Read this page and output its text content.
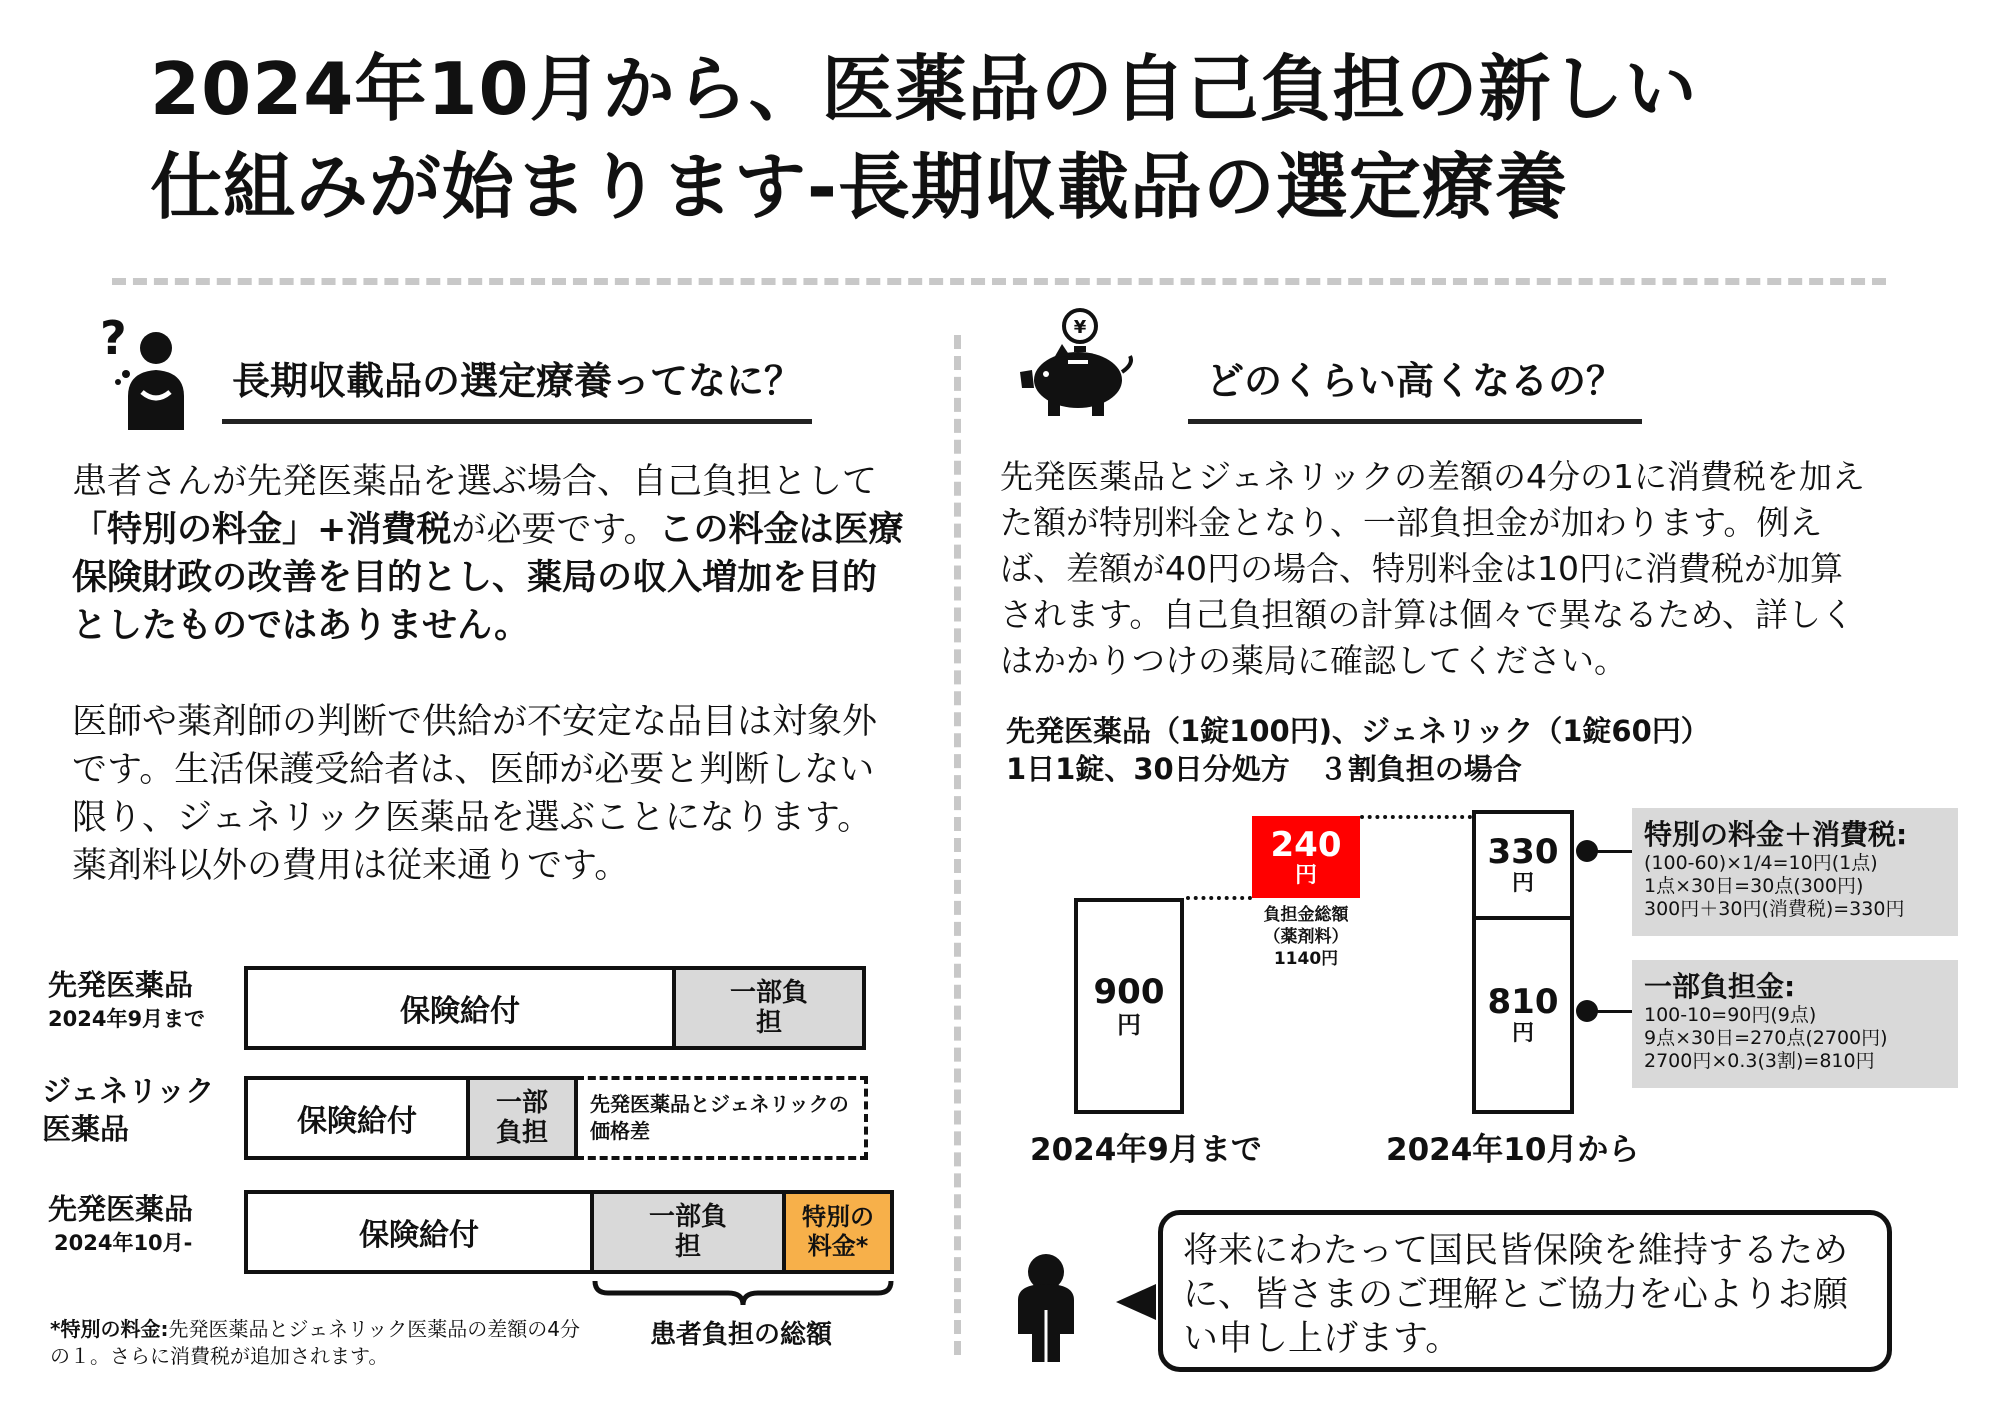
2024年10月から、医薬品の自己負担の新しい
仕組みが始まります-長期収載品の選定療養
?
長期収載品の選定療養ってなに？

患者さんが先発医薬品を選ぶ場合、自己負担として「特別の料金」+消費税が必要です。この料金は医療保険財政の改善を目的とし、薬局の収入増加を目的としたものではありません。

医師や薬剤師の判断で供給が不安定な品目は対象外です。生活保護受給者は、医師が必要と判断しない限り、ジェネリック医薬品を選ぶことになります。薬剤料以外の費用は従来通りです。

先発医薬品
2024年9月まで	保険給付
一部負担
ジェネリック
医薬品	保険給付
一部負担
先発医薬品とジェネリックの価格差
先発医薬品
2024年10月-	保険給付
一部負担
特別の料金*
患者負担の総額
*特別の料金:先発医薬品とジェネリック医薬品の差額の4分の１。さらに消費税が追加されます。
¥
どのくらい高くなるの？
先発医薬品とジェネリックの差額の4分の1に消費税を加えた額が特別料金となり、一部負担金が加わります。例えば、差額が40円の場合、特別料金は10円に消費税が加算されます。自己負担額の計算は個々で異なるため、詳しくはかかりつけの薬局に確認してください。
先発医薬品（1錠100円)、ジェネリック（1錠60円）
1日1錠、30日分処方　３割負担の場合
900
円
2024年9月まで
240
円
負担金総額
（薬剤料）
1140円
330
円
810
円
2024年10月から
特別の料金＋消費税:
(100-60)×1/4=10円(1点)
1点×30日=30点(300円)
300円＋30円(消費税)=330円
一部負担金:
100-10=90円(9点)
9点×30日=270点(2700円)
2700円×0.3(3割)=810円
将来にわたって国民皆保険を維持するために、皆さまのご理解とご協力を心よりお願い申し上げます。
